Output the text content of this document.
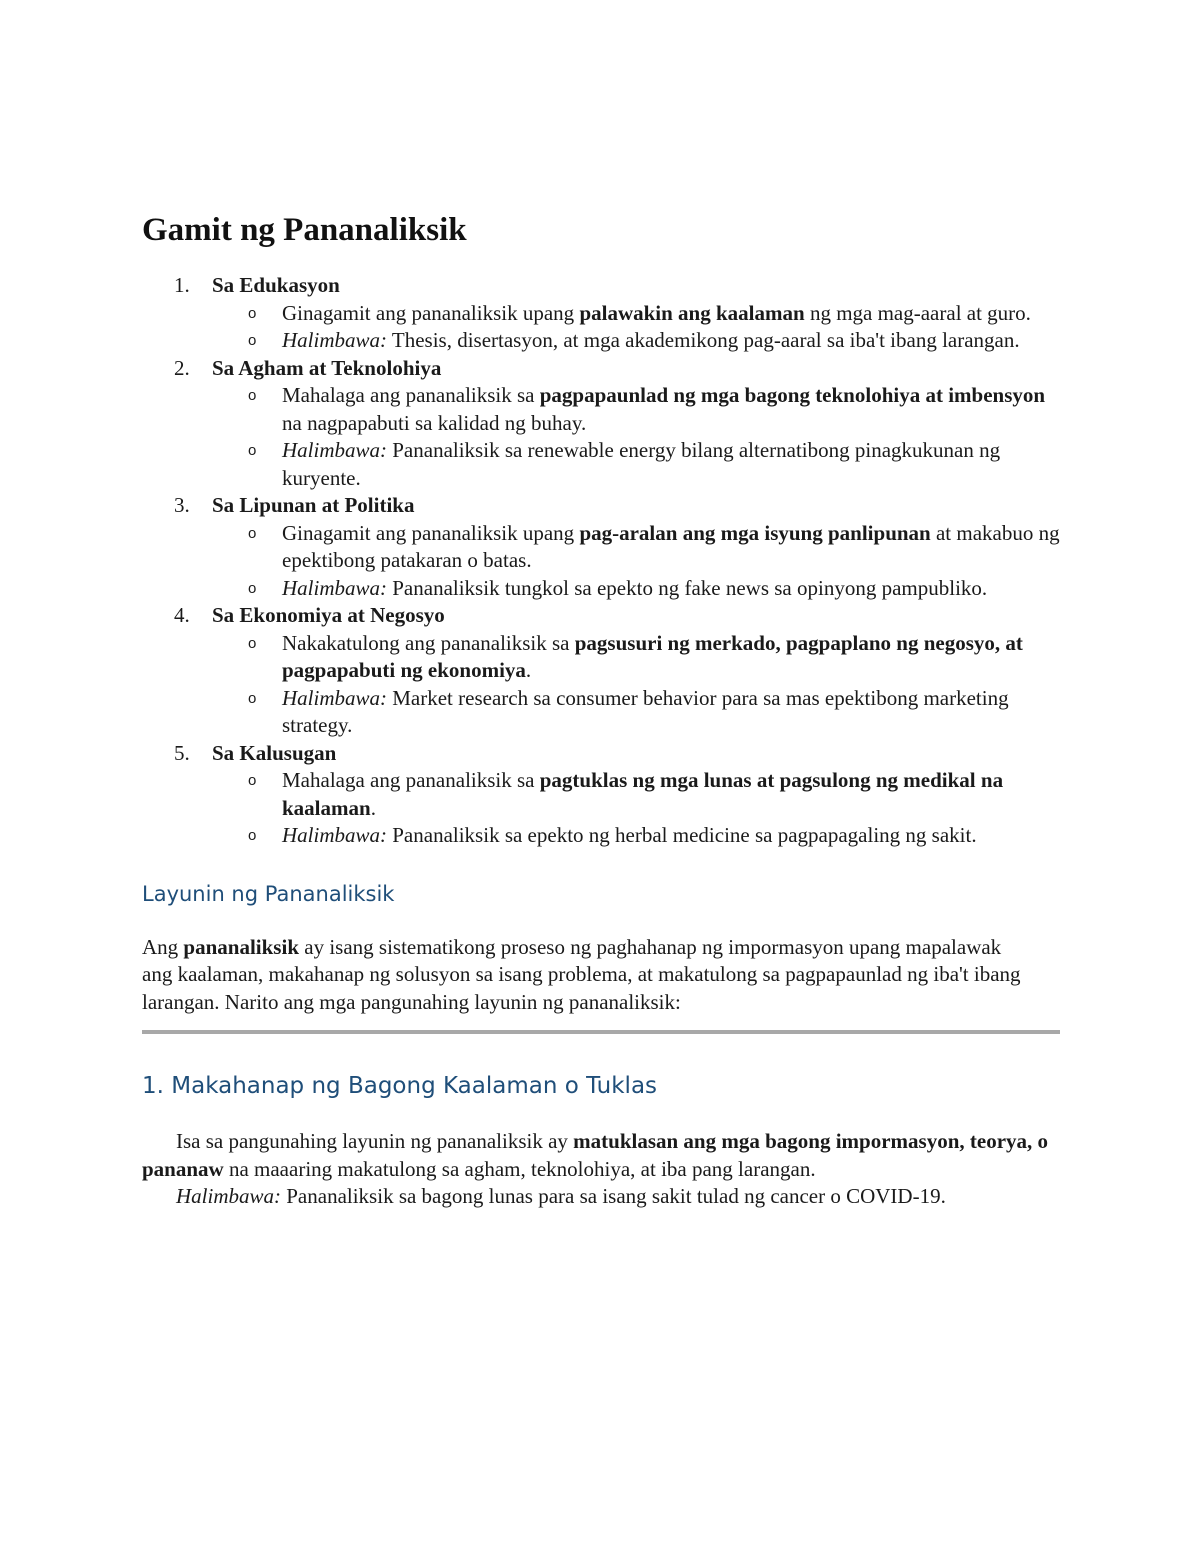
Gamit ng Pananaliksik
1. Sa Edukasyon
o Ginagamit ang pananaliksik upang palawakin ang kaalaman ng mga mag-aaral at guro.
o Halimbawa: Thesis, disertasyon, at mga akademikong pag-aaral sa iba't ibang larangan.
2. Sa Agham at Teknolohiya
o Mahalaga ang pananaliksik sa pagpapaunlad ng mga bagong teknolohiya at imbensyon na nagpapabuti sa kalidad ng buhay.
o Halimbawa: Pananaliksik sa renewable energy bilang alternatibong pinagkukunan ng kuryente.
3. Sa Lipunan at Politika
o Ginagamit ang pananaliksik upang pag-aralan ang mga isyung panlipunan at makabuo ng epektibong patakaran o batas.
o Halimbawa: Pananaliksik tungkol sa epekto ng fake news sa opinyong pampubliko.
4. Sa Ekonomiya at Negosyo
o Nakakatulong ang pananaliksik sa pagsusuri ng merkado, pagpaplano ng negosyo, at pagpapabuti ng ekonomiya.
o Halimbawa: Market research sa consumer behavior para sa mas epektibong marketing strategy.
5. Sa Kalusugan
o Mahalaga ang pananaliksik sa pagtuklas ng mga lunas at pagsulong ng medikal na kaalaman.
o Halimbawa: Pananaliksik sa epekto ng herbal medicine sa pagpapagaling ng sakit.
Layunin ng Pananaliksik

Ang pananaliksik ay isang sistematikong proseso ng paghahanap ng impormasyon upang mapalawak ang kaalaman, makahanap ng solusyon sa isang problema, at makatulong sa pagpapaunlad ng iba't ibang larangan. Narito ang mga pangunahing layunin ng pananaliksik:

1. Makahanap ng Bagong Kaalaman o Tuklas

Isa sa pangunahing layunin ng pananaliksik ay matuklasan ang mga bagong impormasyon, teorya, o pananaw na maaaring makatulong sa agham, teknolohiya, at iba pang larangan.

Halimbawa: Pananaliksik sa bagong lunas para sa isang sakit tulad ng cancer o COVID-19.
